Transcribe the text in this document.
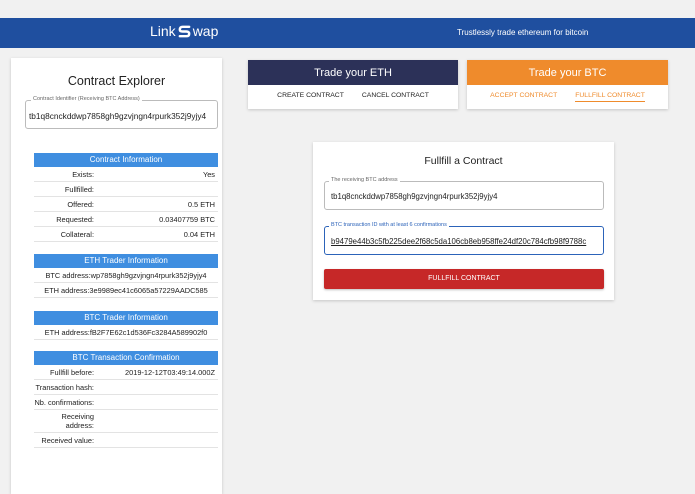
Link wap	Trustlessly trade ethereum for bitcoin
Contract Explorer
Contract Identifier (Receiving BTC Address)
tb1q8cnckddwp7858gh9gzvjngn4rpurk352j9yjy4
Contract Information
Exists:	Yes
Fullfilled:
Offered:	0.5 ETH
Requested:	0.03407759 BTC
Collateral:	0.04 ETH
ETH Trader Information
BTC address: wp7858gh9gzvjngn4rpurk352j9yjy4
ETH address: 3e9989ec41c6065a57229AADC585
BTC Trader Information
ETH address: fB2F7E62c1d536Fc3284A589902f0
BTC Transaction Confirmation
Fullfill before:	2019-12-12T03:49:14.000Z
Transaction hash:
Nb. confirmations:
Receiving address:
Received value:
Trade your ETH
CREATE CONTRACT	CANCEL CONTRACT
Trade your BTC
ACCEPT CONTRACT	FULLFILL CONTRACT
Fullfill a Contract
The receiving BTC address
tb1q8cnckddwp7858gh9gzvjngn4rpurk352j9yjy4
BTC transaction ID with at least 6 confirmations
b9479e44b3c5fb225dee2f68c5da106cb8eb958ffe24df20c784cfb98f9788c
FULLFILL CONTRACT
